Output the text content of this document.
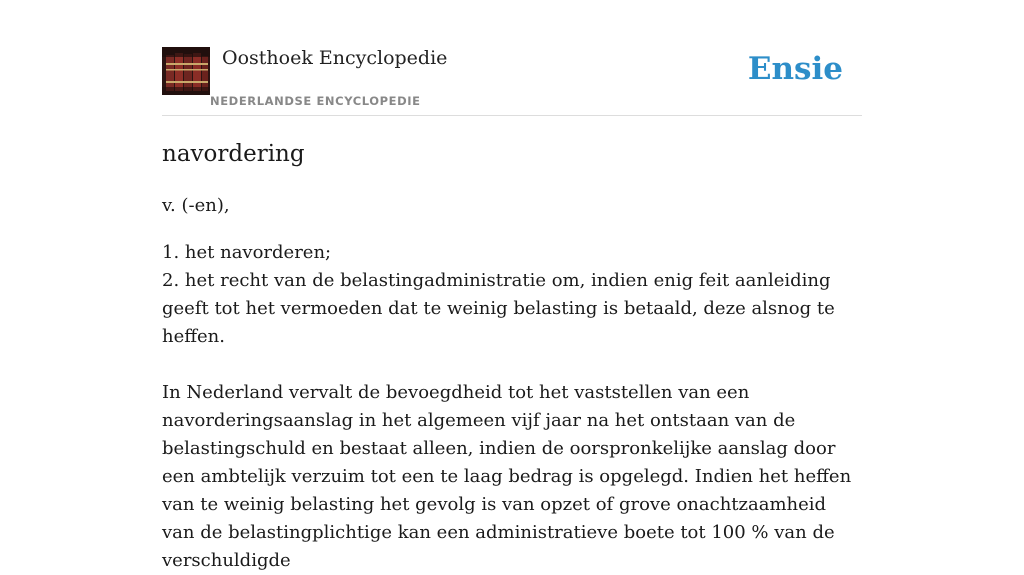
Oosthoek Encyclopedie
NEDERLANDSE ENCYCLOPEDIE
Ensie
navordering

v. (-en),

1. het navorderen;

2. het recht van de belastingadministratie om, indien enig feit aanleiding geeft tot het vermoeden dat te weinig belasting is betaald, deze alsnog te heffen.

In Nederland vervalt de bevoegdheid tot het vaststellen van een navorderingsaanslag in het algemeen vijf jaar na het ontstaan van de belastingschuld en bestaat alleen, indien de oorspronkelijke aanslag door een ambtelijk verzuim tot een te laag bedrag is opgelegd. Indien het heffen van te weinig belasting het gevolg is van opzet of grove onachtzaamheid van de belastingplichtige kan een administratieve boete tot 100 % van de verschuldigde
